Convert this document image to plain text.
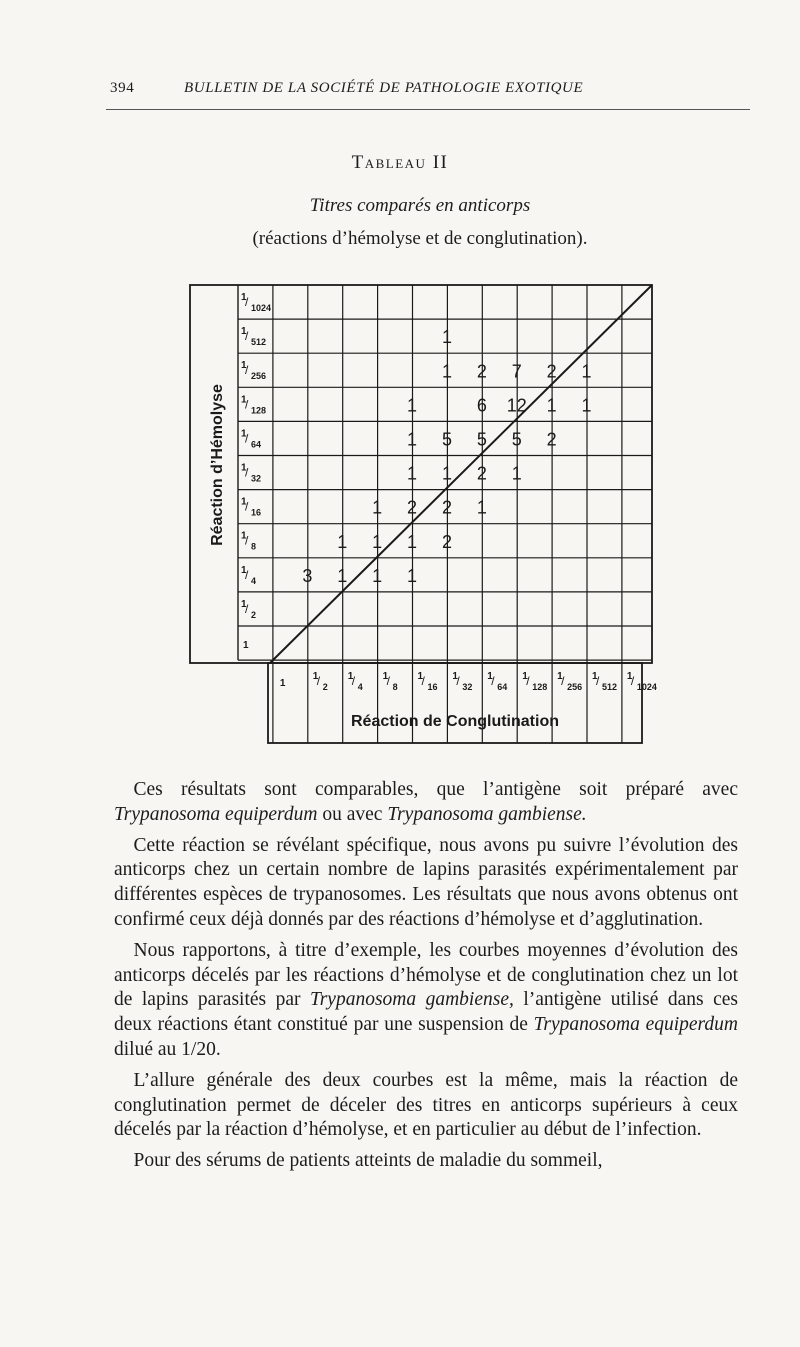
394	BULLETIN DE LA SOCIÉTÉ DE PATHOLOGIE EXOTIQUE
Tableau II
Titres comparés en anticorps
(réactions d’hémolyse et de conglutination).
1
/ 1024
1
/ 512
1
/ 256
1
/ 128
1
/ 64
1
/ 32
1
/ 16
1
/ 8
1
/ 4
1
/ 2
1
1
1
/ 2
1
/ 4
1
/ 8
1
/ 16
1
/ 32
1
/ 64
1
/ 128
1
/ 256
1
/ 512
1
/ 1024
1
1 2 7 2 1
1	6 12 1 1
1 5 5 5 2
1 1 2 1
1 2 2 1
1 1 1 2
3 1 1 1
Réaction d’Hémolyse
Réaction de Conglutination

 Ces résultats sont comparables, que l’antigène soit préparé avec Trypanosoma equiperdum ou avec Trypanosoma gambiense.

 Cette réaction se révélant spécifique, nous avons pu suivre l’évolution des anticorps chez un certain nombre de lapins parasités expérimentalement par différentes espèces de trypanosomes. Les résultats que nous avons obtenus ont confirmé ceux déjà donnés par des réactions d’hémolyse et d’agglutination.

 Nous rapportons, à titre d’exemple, les courbes moyennes d’évolution des anticorps décelés par les réactions d’hémolyse et de conglutination chez un lot de lapins parasités par Trypanosoma gambiense, l’antigène utilisé dans ces deux réactions étant constitué par une suspension de Trypanosoma equiperdum dilué au 1/20.

 L’allure générale des deux courbes est la même, mais la réaction de conglutination permet de déceler des titres en anticorps supérieurs à ceux décelés par la réaction d’hémolyse, et en particulier au début de l’infection.

 Pour des sérums de patients atteints de maladie du sommeil,
